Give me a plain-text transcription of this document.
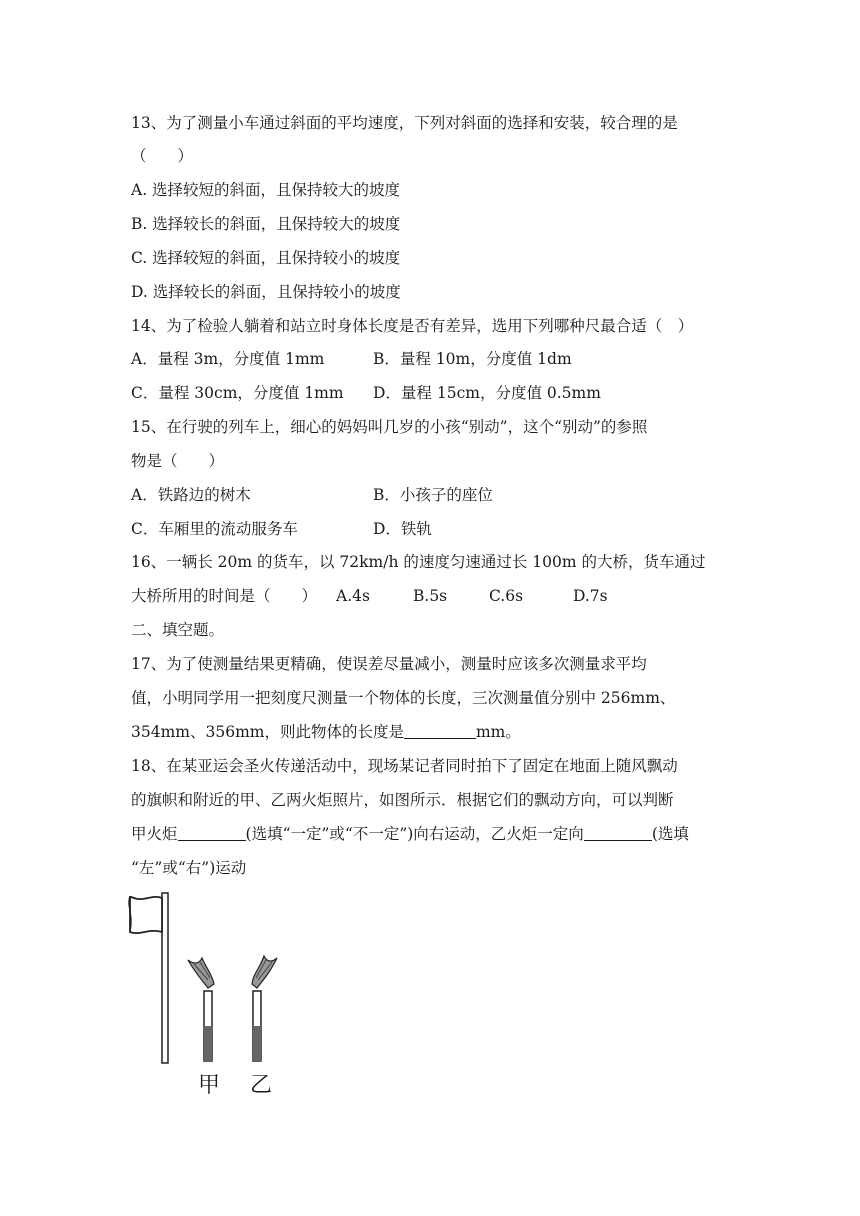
13、为了测量小车通过斜面的平均速度，下列对斜面的选择和安装，较合理的是
（　　）
A. 选择较短的斜面，且保持较大的坡度
B. 选择较长的斜面，且保持较大的坡度
C. 选择较短的斜面，且保持较小的坡度
D. 选择较长的斜面，且保持较小的坡度
14、为了检验人躺着和站立时身体长度是否有差异，选用下列哪种尺最合适（　）
A．量程 3m，分度值 1mm	B．量程 10m，分度值 1dm
C．量程 30cm，分度值 1mm D．量程 15cm，分度值 0.5mm
15、在行驶的列车上，细心的妈妈叫几岁的小孩“别动”，这个“别动”的参照
物是（　　）
A．铁路边的树木	B．小孩子的座位
C．车厢里的流动服务车	D．铁轨
16、一辆长 20m 的货车，以 72km/h 的速度匀速通过长 100m 的大桥，货车通过
大桥所用的时间是（　　） A.4s	B.5s	C.6s	D.7s
二、填空题。
17、为了使测量结果更精确，使误差尽量减小，测量时应该多次测量求平均
值，小明同学用一把刻度尺测量一个物体的长度，三次测量值分别中 256mm、
354mm、356mm，则此物体的长度是	mm。
18、在某亚运会圣火传递活动中，现场某记者同时拍下了固定在地面上随风飘动
的旗帜和附近的甲、乙两火炬照片，如图所示．根据它们的飘动方向，可以判断
甲火炬	(选填“一定”或“不一定”)向右运动，乙火炬一定向	(选填
“左”或“右”)运动
甲 乙
